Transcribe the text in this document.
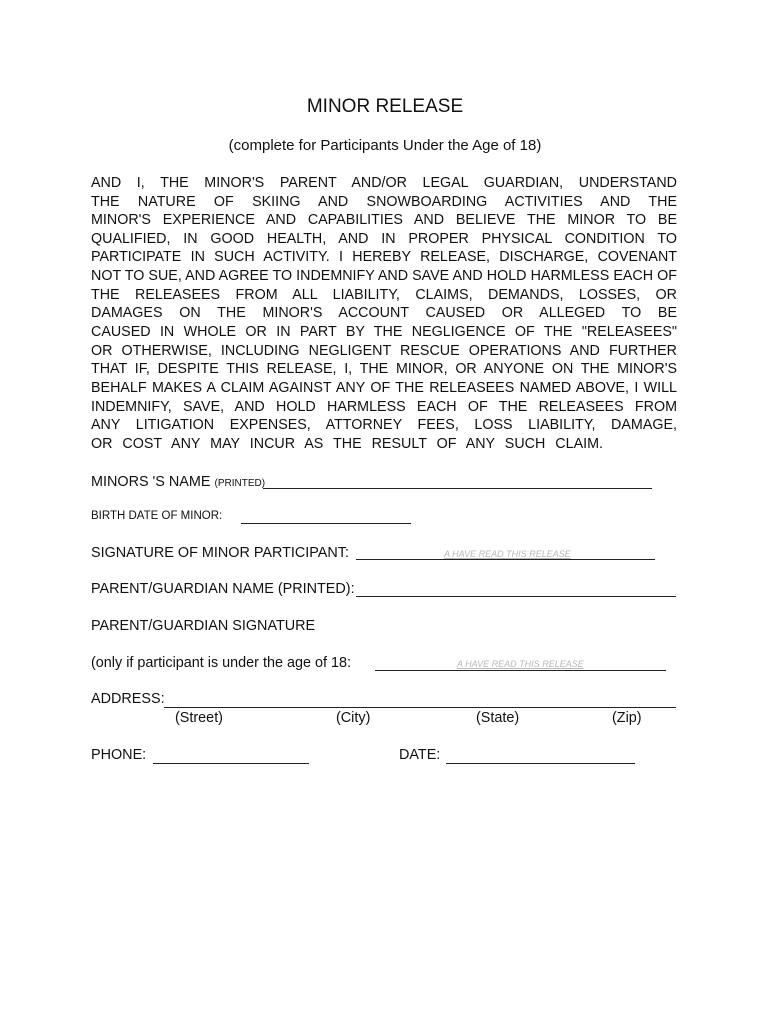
MINOR RELEASE
(complete for Participants Under the Age of 18)
AND I, THE MINOR'S PARENT AND/OR LEGAL GUARDIAN, UNDERSTAND
THE NATURE OF SKIING AND SNOWBOARDING ACTIVITIES AND THE
MINOR'S EXPERIENCE AND CAPABILITIES AND BELIEVE THE MINOR TO BE
QUALIFIED, IN GOOD HEALTH, AND IN PROPER PHYSICAL CONDITION TO
PARTICIPATE IN SUCH ACTIVITY. I HEREBY RELEASE, DISCHARGE, COVENANT
NOT TO SUE, AND AGREE TO INDEMNIFY AND SAVE AND HOLD HARMLESS EACH OF
THE RELEASEES FROM ALL LIABILITY, CLAIMS, DEMANDS, LOSSES, OR
DAMAGES ON THE MINOR'S ACCOUNT CAUSED OR ALLEGED TO BE
CAUSED IN WHOLE OR IN PART BY THE NEGLIGENCE OF THE "RELEASEES"
OR OTHERWISE, INCLUDING NEGLIGENT RESCUE OPERATIONS AND FURTHER
THAT IF, DESPITE THIS RELEASE, I, THE MINOR, OR ANYONE ON THE MINOR'S
BEHALF MAKES A CLAIM AGAINST ANY OF THE RELEASEES NAMED ABOVE, I WILL
INDEMNIFY, SAVE, AND HOLD HARMLESS EACH OF THE RELEASEES FROM
ANY LITIGATION EXPENSES, ATTORNEY FEES, LOSS LIABILITY, DAMAGE,
OR COST ANY MAY INCUR AS THE RESULT OF ANY SUCH CLAIM.
MINORS 'S NAME (PRINTED)
BIRTH DATE OF MINOR:
SIGNATURE OF MINOR PARTICIPANT:	A HAVE READ THIS RELEASE
PARENT/GUARDIAN NAME (PRINTED):
PARENT/GUARDIAN SIGNATURE
(only if participant is under the age of 18:	A HAVE READ THIS RELEASE
ADDRESS:
(Street)	(City)	(State)	(Zip)
PHONE:	DATE:
